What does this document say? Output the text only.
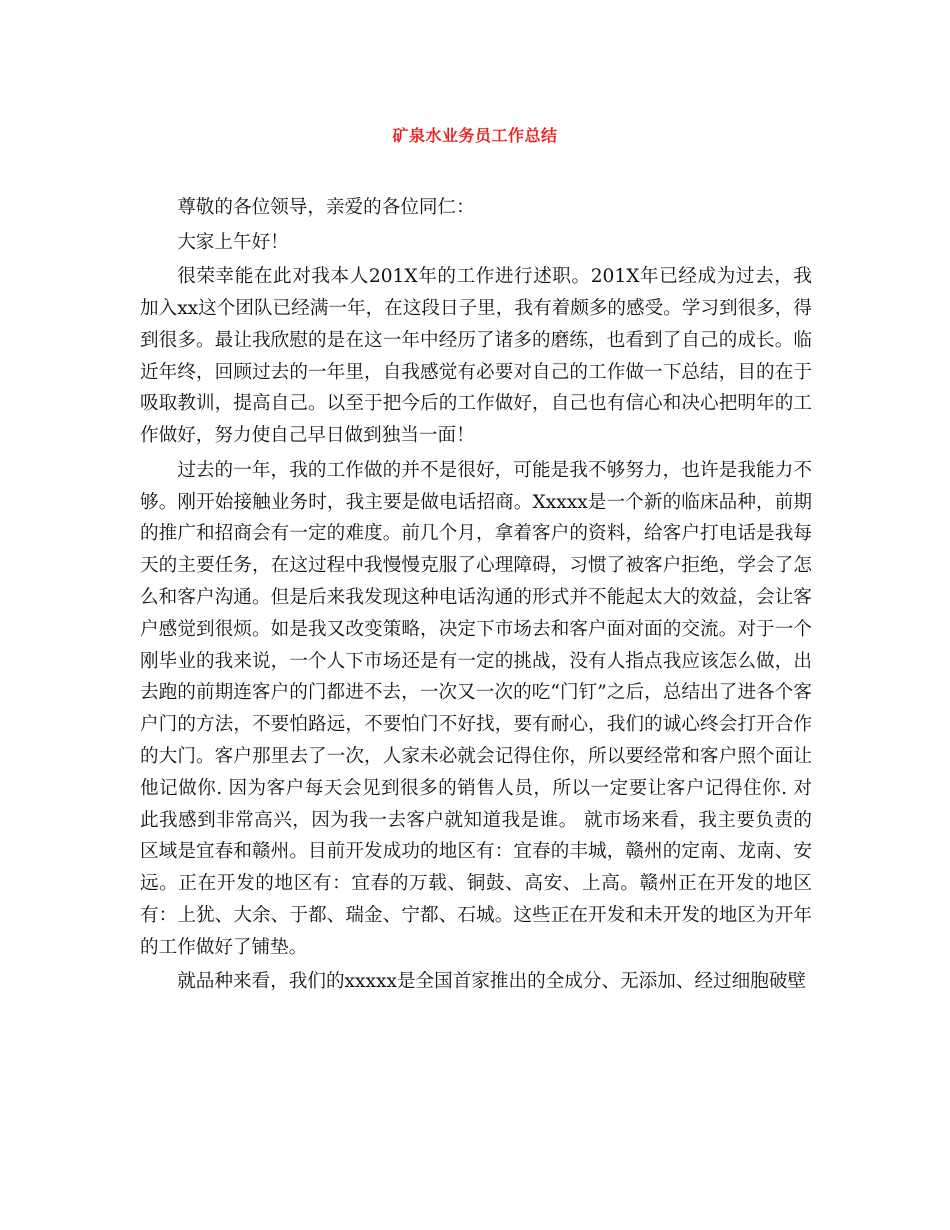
矿泉水业务员工作总结

尊敬的各位领导，亲爱的各位同仁：

大家上午好！

很荣幸能在此对我本人201X年的工作进行述职。201X年已经成为过去，我加入xx这个团队已经满一年，在这段日子里，我有着颇多的感受。学习到很多，得到很多。最让我欣慰的是在这一年中经历了诸多的磨练，也看到了自己的成长。临近年终，回顾过去的一年里，自我感觉有必要对自己的工作做一下总结，目的在于吸取教训，提高自己。以至于把今后的工作做好，自己也有信心和决心把明年的工作做好，努力使自己早日做到独当一面！

过去的一年，我的工作做的并不是很好，可能是我不够努力，也许是我能力不够。刚开始接触业务时，我主要是做电话招商。Xxxxx是一个新的临床品种，前期的推广和招商会有一定的难度。前几个月，拿着客户的资料，给客户打电话是我每天的主要任务，在这过程中我慢慢克服了心理障碍，习惯了被客户拒绝，学会了怎么和客户沟通。但是后来我发现这种电话沟通的形式并不能起太大的效益，会让客户感觉到很烦。如是我又改变策略，决定下市场去和客户面对面的交流。对于一个刚毕业的我来说，一个人下市场还是有一定的挑战，没有人指点我应该怎么做，出去跑的前期连客户的门都进不去，一次又一次的吃“门钉”之后，总结出了进各个客户门的方法，不要怕路远，不要怕门不好找，要有耐心，我们的诚心终会打开合作的大门。客户那里去了一次，人家未必就会记得住你，所以要经常和客户照个面让他记做你. 因为客户每天会见到很多的销售人员，所以一定要让客户记得住你. 对此我感到非常高兴，因为我一去客户就知道我是谁。 就市场来看，我主要负责的区域是宜春和赣州。目前开发成功的地区有：宜春的丰城，赣州的定南、龙南、安远。正在开发的地区有：宜春的万载、铜鼓、高安、上高。赣州正在开发的地区有：上犹、大余、于都、瑞金、宁都、石城。这些正在开发和未开发的地区为开年的工作做好了铺垫。

就品种来看，我们的xxxxx是全国首家推出的全成分、无添加、经过细胞破壁
